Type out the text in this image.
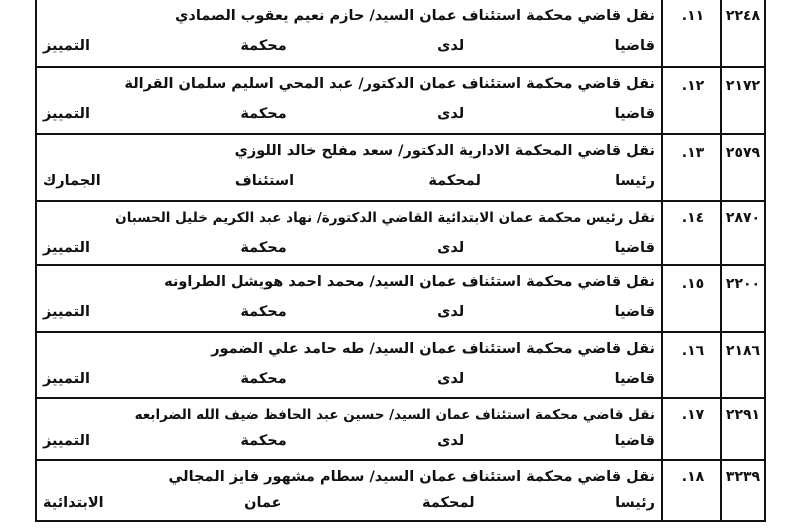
٢٢٤٨
١١.
نقل قاضي محكمة استئناف عمان السيد/ حازم نعيم يعقوب الصمادي
قاضيا لدى محكمة التمييز
٢١٧٢
١٢.
نقل قاضي محكمة استئناف عمان الدكتور/ عبد المحي اسليم سلمان القرالة
قاضيا لدى محكمة التمييز
٢٥٧٩
١٣.
نقل قاضي المحكمة الادارية الدكتور/ سعد مفلح خالد اللوزي
رئيسا لمحكمة استئناف الجمارك
٢٨٧٠
١٤.
نقل رئيس محكمة عمان الابتدائية القاضي الدكتورة/ نهاد عبد الكريم خليل الحسبان
قاضيا لدى محكمة التمييز
٢٢٠٠
١٥.
نقل قاضي محكمة استئناف عمان السيد/ محمد احمد هويشل الطراونه
قاضيا لدى محكمة التمييز
٢١٨٦
١٦.
نقل قاضي محكمة استئناف عمان السيد/ طه حامد علي الضمور
قاضيا لدى محكمة التمييز
٢٢٩١
١٧.
نقل قاضي محكمة استئناف عمان السيد/ حسين عبد الحافظ ضيف الله الضرابعه
قاضيا لدى محكمة التمييز
٣٢٣٩
١٨.
نقل قاضي محكمة استئناف عمان السيد/ سطام مشهور فايز المجالي
رئيسا لمحكمة عمان الابتدائية
